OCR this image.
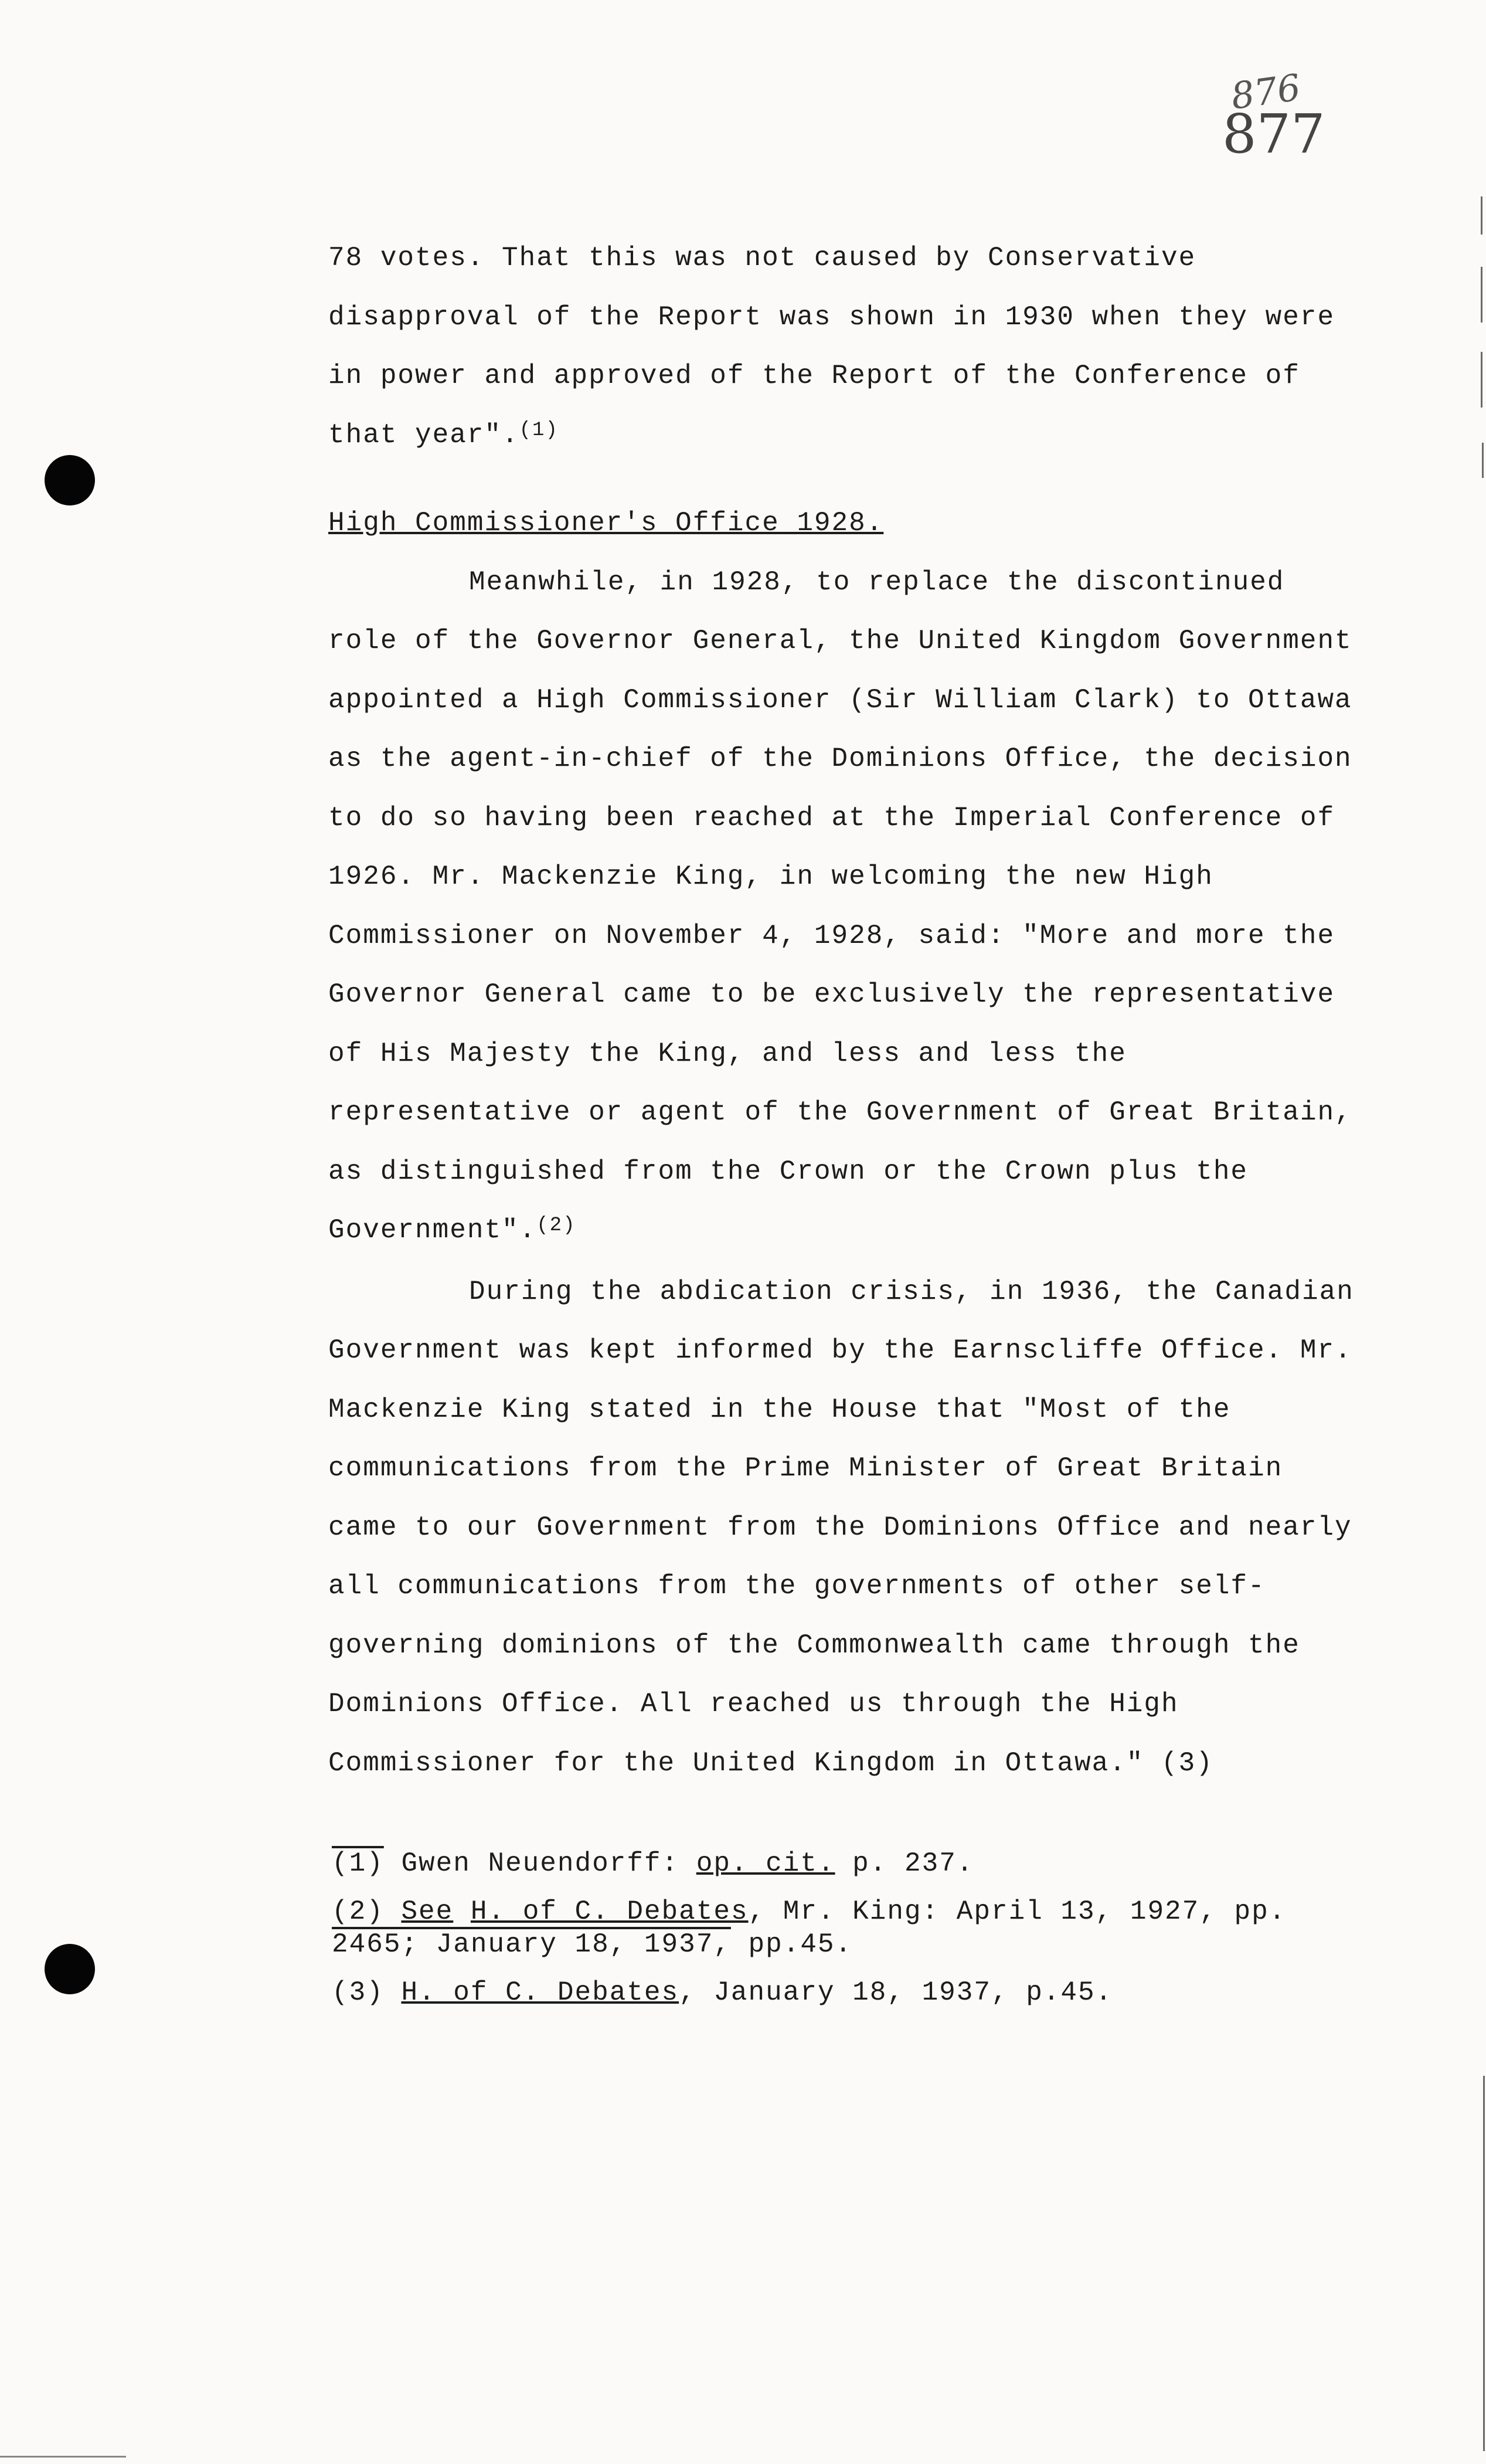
876
877

78 votes. That this was not caused by Conservative disapproval of the Report was shown in 1930 when they were in power and approved of the Report of the Conference of that year".$^{(1)}$

High Commissioner's Office 1928.

Meanwhile, in 1928, to replace the discontinued role of the Governor General, the United Kingdom Government appointed a High Commissioner (Sir William Clark) to Ottawa as the agent-in-chief of the Dominions Office, the decision to do so having been reached at the Imperial Conference of 1926. Mr. Mackenzie King, in welcoming the new High Commissioner on November 4, 1928, said: "More and more the Governor General came to be exclusively the representative of His Majesty the King, and less and less the representative or agent of the Government of Great Britain, as distinguished from the Crown or the Crown plus the Government".$^{(2)}$

During the abdication crisis, in 1936, the Canadian Government was kept informed by the Earnscliffe Office. Mr. Mackenzie King stated in the House that "Most of the communications from the Prime Minister of Great Britain came to our Government from the Dominions Office and nearly all communications from the governments of other self-governing dominions of the Commonwealth came through the Dominions Office. All reached us through the High Commissioner for the United Kingdom in Ottawa." (3)

(1) Gwen Neuendorff: op. cit. p. 237.

(2) See H. of C. Debates, Mr. King: April 13, 1927, pp.
2465; January 18, 1937, pp.45.

(3) H. of C. Debates, January 18, 1937, p.45.
